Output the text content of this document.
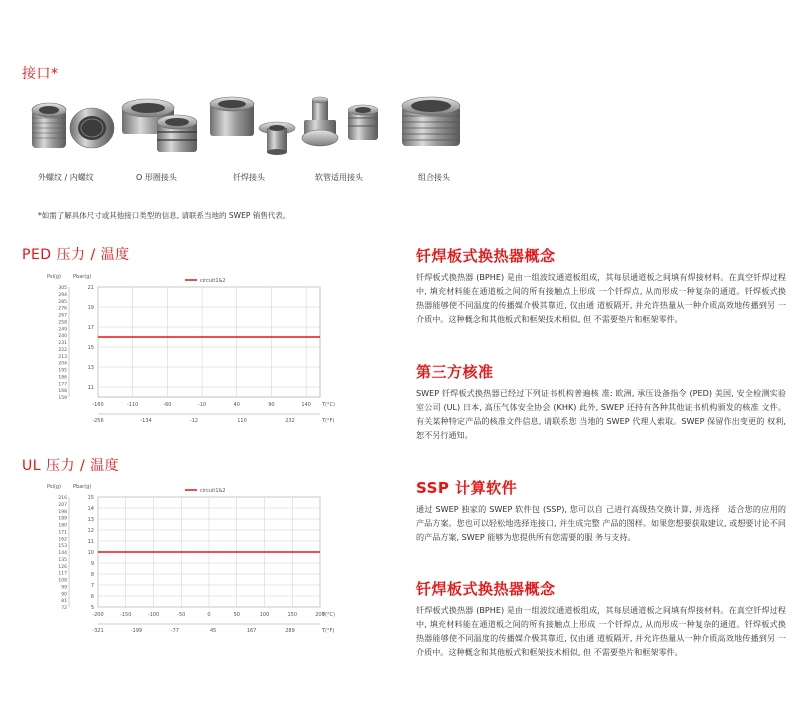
接口*
外螺纹 / 内螺纹	O 形圈接头	钎焊接头	软管适用接头	组合接头
*如需了解具体尺寸或其他接口类型的信息, 请联系当地的 SWEP 销售代表。
PED 压力 / 温度
Psi(g) Pbar(g)
circuit1&2
-160	-110	-60	-10	40	90	140
21
19
17
15
13
11
305
294
285
276
267
258
249
240
231
222
213
204
195
186
177
168
159
T(°C)
-256	-134	-12	110	232	T(°F)
UL 压力 / 温度
Psi(g) Pbar(g)
circuit1&2
-200	-150	-100	-50	0	50	100	150	200
15
14
13
12
11
10
9
8
7
6
5
216
207
198
189
180
171
162
153
144
135
126
117
108
99
90
81
72
T(°C)
-321	-199	-77	45	167	289	T(°F)
钎焊板式换热器概念

钎焊板式换热器 (BPHE) 是由一组波纹通道板组成，其每层通道板之间填有焊接材料。在真空钎焊过程 中, 填充材料能在通道板之间的所有接触点上形成 一个钎焊点, 从而形成一种复杂的通道。钎焊板式换 热器能够使不同温度的传播媒介极其靠近, 仅由通 道板隔开, 并允许热量从一种介质高效地传播到另 一介质中。这种概念和其他板式和框架技术相似, 但 不需要垫片和框架零件。

第三方核准

SWEP 钎焊板式换热器已经过下列证书机构普遍核 准: 欧洲, 承压设备指令 (PED) 美国, 安全检测实验室公司 (UL) 日本, 高压气体安全协会 (KHK) 此外, SWEP 还持有各种其他证书机构颁发的核准 文件。有关某种特定产品的核准文件信息, 请联系您 当地的 SWEP 代理人索取。SWEP 保留作出变更的 权利, 恕不另行通知。

SSP 计算软件

通过 SWEP 独家的 SWEP 软件包 (SSP), 您可以自 己进行高级热交换计算, 并选择　适合您的应用的 产品方案。您也可以轻松地选择连接口, 并生成完整 产品的图样。如果您想要获取建议, 或想要讨论不同 的产品方案, SWEP 能够为您提供所有您需要的服 务与支持。

钎焊板式换热器概念

钎焊板式换热器 (BPHE) 是由一组波纹通道板组成，其每层通道板之间填有焊接材料。在真空钎焊过程 中, 填充材料能在通道板之间的所有接触点上形成 一个钎焊点, 从而形成一种复杂的通道。钎焊板式换 热器能够使不同温度的传播媒介极其靠近, 仅由通 道板隔开, 并允许热量从一种介质高效地传播到另 一介质中。这种概念和其他板式和框架技术相似, 但 不需要垫片和框架零件。
